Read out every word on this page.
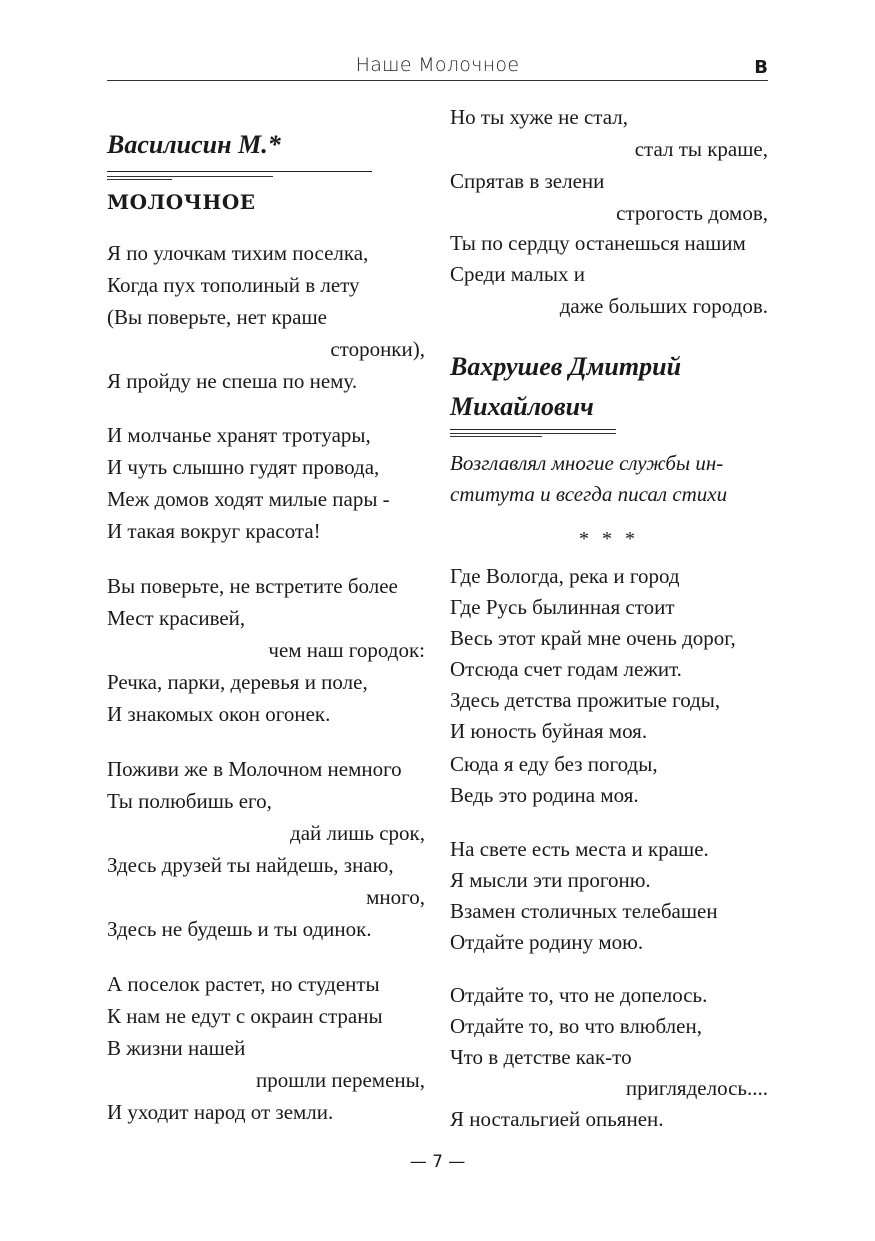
Наше Молочное	В
Василисин М.*
МОЛОЧНОЕ
Я по улочкам тихим поселка,
Когда пух тополиный в лету
(Вы поверьте, нет краше
сторонки),
Я пройду не спеша по нему.
И молчанье хранят тротуары,
И чуть слышно гудят провода,
Меж домов ходят милые пары -
И такая вокруг красота!
Вы поверьте, не встретите более
Мест красивей,
чем наш городок:
Речка, парки, деревья и поле,
И знакомых окон огонек.
Поживи же в Молочном немного
Ты полюбишь его,
дай лишь срок,
Здесь друзей ты найдешь, знаю,
много,
Здесь не будешь и ты одинок.
А поселок растет, но студенты
К нам не едут с окраин страны
В жизни нашей
прошли перемены,
И уходит народ от земли.
Но ты хуже не стал,
стал ты краше,
Спрятав в зелени
строгость домов,
Ты по сердцу останешься нашим
Среди малых и
даже больших городов.
Вахрушев Дмитрий
Михайлович
Возглавлял многие службы ин-
ститута и всегда писал стихи
* * *
Где Вологда, река и город
Где Русь былинная стоит
Весь этот край мне очень дорог,
Отсюда счет годам лежит.
Здесь детства прожитые годы,
И юность буйная моя.
Сюда я еду без погоды,
Ведь это родина моя.
На свете есть места и краше.
Я мысли эти прогоню.
Взамен столичных телебашен
Отдайте родину мою.
Отдайте то, что не допелось.
Отдайте то, во что влюблен,
Что в детстве как-то
пригляделось....
Я ностальгией опьянен.
— 7 —
